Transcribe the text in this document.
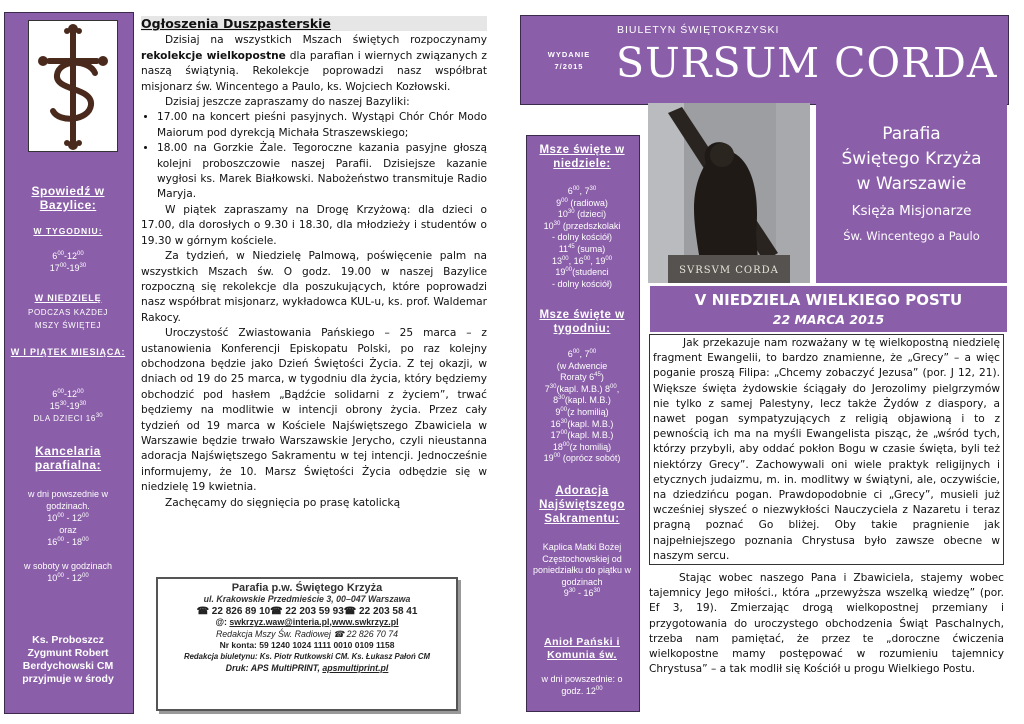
Spowiedź w Bazylice:
W TYGODNIU:
$6^{00}-12^{00}$
$17^{00}-19^{30}$
W NIEDZIELĘ
PODCZAS KAŻDEJ MSZY ŚWIĘTEJ
W I PIĄTEK MIESIĄCA:
$6^{00}-12^{00}$
$15^{30}-19^{30}$
DLA DZIECI $16^{30}$
Kancelaria parafialna:
w dni powszednie w godzinach.
$10^{00} - 12^{00}$
oraz
$16^{00} - 18^{00}$

w soboty w godzinach
$10^{00} - 12^{00}$
Ks. Proboszcz Zygmunt Robert Berdychowski CM przyjmuje w środy

Ogłoszenia Duszpasterskie

Dzisiaj na wszystkich Mszach świętych rozpoczynamy rekolekcje wielkopostne dla parafian i wiernych związanych z naszą świątynią. Rekolekcje poprowadzi nasz współbrat misjonarz św. Wincentego a Paulo, ks. Wojciech Kozłowski.

Dzisiaj jeszcze zapraszamy do naszej Bazyliki:

• 17.00 na koncert pieśni pasyjnych. Wystąpi Chór Chór Modo Maiorum pod dyrekcją Michała Straszewskiego;
• 18.00 na Gorzkie Żale. Tegoroczne kazania pasyjne głoszą kolejni proboszczowie naszej Parafii. Dzisiejsze kazanie wygłosi ks. Marek Białkowski. Nabożeństwo transmituje Radio Maryja.

W piątek zapraszamy na Drogę Krzyżową: dla dzieci o 17.00, dla dorosłych o 9.30 i 18.30, dla młodzieży i studentów o 19.30 w górnym kościele.

Za tydzień, w Niedzielę Palmową, poświęcenie palm na wszystkich Mszach św. O godz. 19.00 w naszej Bazylice rozpoczną się rekolekcje dla poszukujących, które poprowadzi nasz współbrat misjonarz, wykładowca KUL-u, ks. prof. Waldemar Rakocy.

Uroczystość Zwiastowania Pańskiego – 25 marca – z ustanowienia Konferencji Episkopatu Polski, po raz kolejny obchodzona będzie jako Dzień Świętości Życia. Z tej okazji, w dniach od 19 do 25 marca, w tygodniu dla życia, który będziemy obchodzić pod hasłem „Bądźcie solidarni z życiem”, trwać będziemy na modlitwie w intencji obrony życia. Przez cały tydzień od 19 marca w Kościele Najświętszego Zbawiciela w Warszawie będzie trwało Warszawskie Jerycho, czyli nieustanna adoracja Najświętszego Sakramentu w tej intencji. Jednocześnie informujemy, że 10. Marsz Świętości Życia odbędzie się w niedzielę 19 kwietnia.

Zachęcamy do sięgnięcia po prasę katolicką

Parafia p.w. Świętego Krzyża
ul. Krakowskie Przedmieście 3, 00–047 Warszawa
☎ 22 826 89 10☎ 22 203 59 93☎ 22 203 58 41
@: swkrzyz.waw@interia.pl,www.swkrzyz.pl
Redakcja Mszy Św. Radiowej ☎ 22 826 70 74
Nr konta: 59 1240 1024 1111 0010 0109 1158
Redakcja biuletynu: Ks. Piotr Rutkowski CM. Ks. Łukasz Pałoń CM
Druk: APS MultiPRINT, apsmultiprint.pl
WYDANIE
7/2015
BIULETYN ŚWIĘTOKRZYSKI
SURSUM CORDA
Msze święte w niedziele:
$6^{00}$, $7^{30}$
$9^{00}$ (radiowa)
$10^{30}$ (dzieci)
$10^{30}$ (przedszkolaki
- dolny kościół)
$11^{45}$ (suma)
$13^{00}$, $16^{00}$, $19^{00}$
$19^{00}(studenci$
- dolny kościół)
Msze święte w tygodniu:
$6^{00}$, $7^{00}$
(w Adwencie
Roraty $6^{45}$)
$7^{30}(kapl$. M.B.) $8^{00}$,
$8^{30}(kapl$. M.B.)
$9^{00}(z$ homilią)
$16^{30}(kapl$. M.B.)
$17^{00}(kapl$. M.B.)
$18^{00}(z$ homilią)
$19^{00}$ (oprócz sobót)
Adoracja Najświętszego Sakramentu:
Kaplica Matki Bożej Częstochowskiej od poniedziałku do piątku w godzinach
$9^{30} - 16^{30}$
Anioł Pański i Komunia św.
w dni powszednie: o godz. $12^{00}$
SVRSVM CORDA
Parafia
Świętego Krzyża
w Warszawie
Księża Misjonarze
Św. Wincentego a Paulo
V NIEDZIELA WIELKIEGO POSTU
22 MARCA 2015

Jak przekazuje nam rozważany w tę wielkopostną niedzielę fragment Ewangelii, to bardzo znamienne, że „Grecy” – a więc poganie proszą Filipa: „Chcemy zobaczyć Jezusa” (por. J 12, 21). Większe święta żydowskie ściągały do Jerozolimy pielgrzymów nie tylko z samej Palestyny, lecz także Żydów z diaspory, a nawet pogan sympatyzujących z religią objawioną i to z pewnością ich ma na myśli Ewangelista pisząc, że „wśród tych, którzy przybyli, aby oddać pokłon Bogu w czasie święta, byli też niektórzy Grecy”. Zachowywali oni wiele praktyk religijnych i etycznych judaizmu, m. in. modlitwy w świątyni, ale, oczywiście, na dziedzińcu pogan. Prawdopodobnie ci „Grecy”, musieli już wcześniej słyszeć o niezwykłości Nauczyciela z Nazaretu i teraz pragną poznać Go bliżej. Oby takie pragnienie jak najpełniejszego poznania Chrystusa było zawsze obecne w naszym sercu.

Stając wobec naszego Pana i Zbawiciela, stajemy wobec tajemnicy Jego miłości., która „przewyższa wszelką wiedzę” (por. Ef 3, 19). Zmierzając drogą wielkopostnej przemiany i przygotowania do uroczystego obchodzenia Świąt Paschalnych, trzeba nam pamiętać, że przez te „doroczne ćwiczenia wielkopostne mamy postępować w rozumieniu tajemnicy Chrystusa” – a tak modlił się Kościół u progu Wielkiego Postu.
